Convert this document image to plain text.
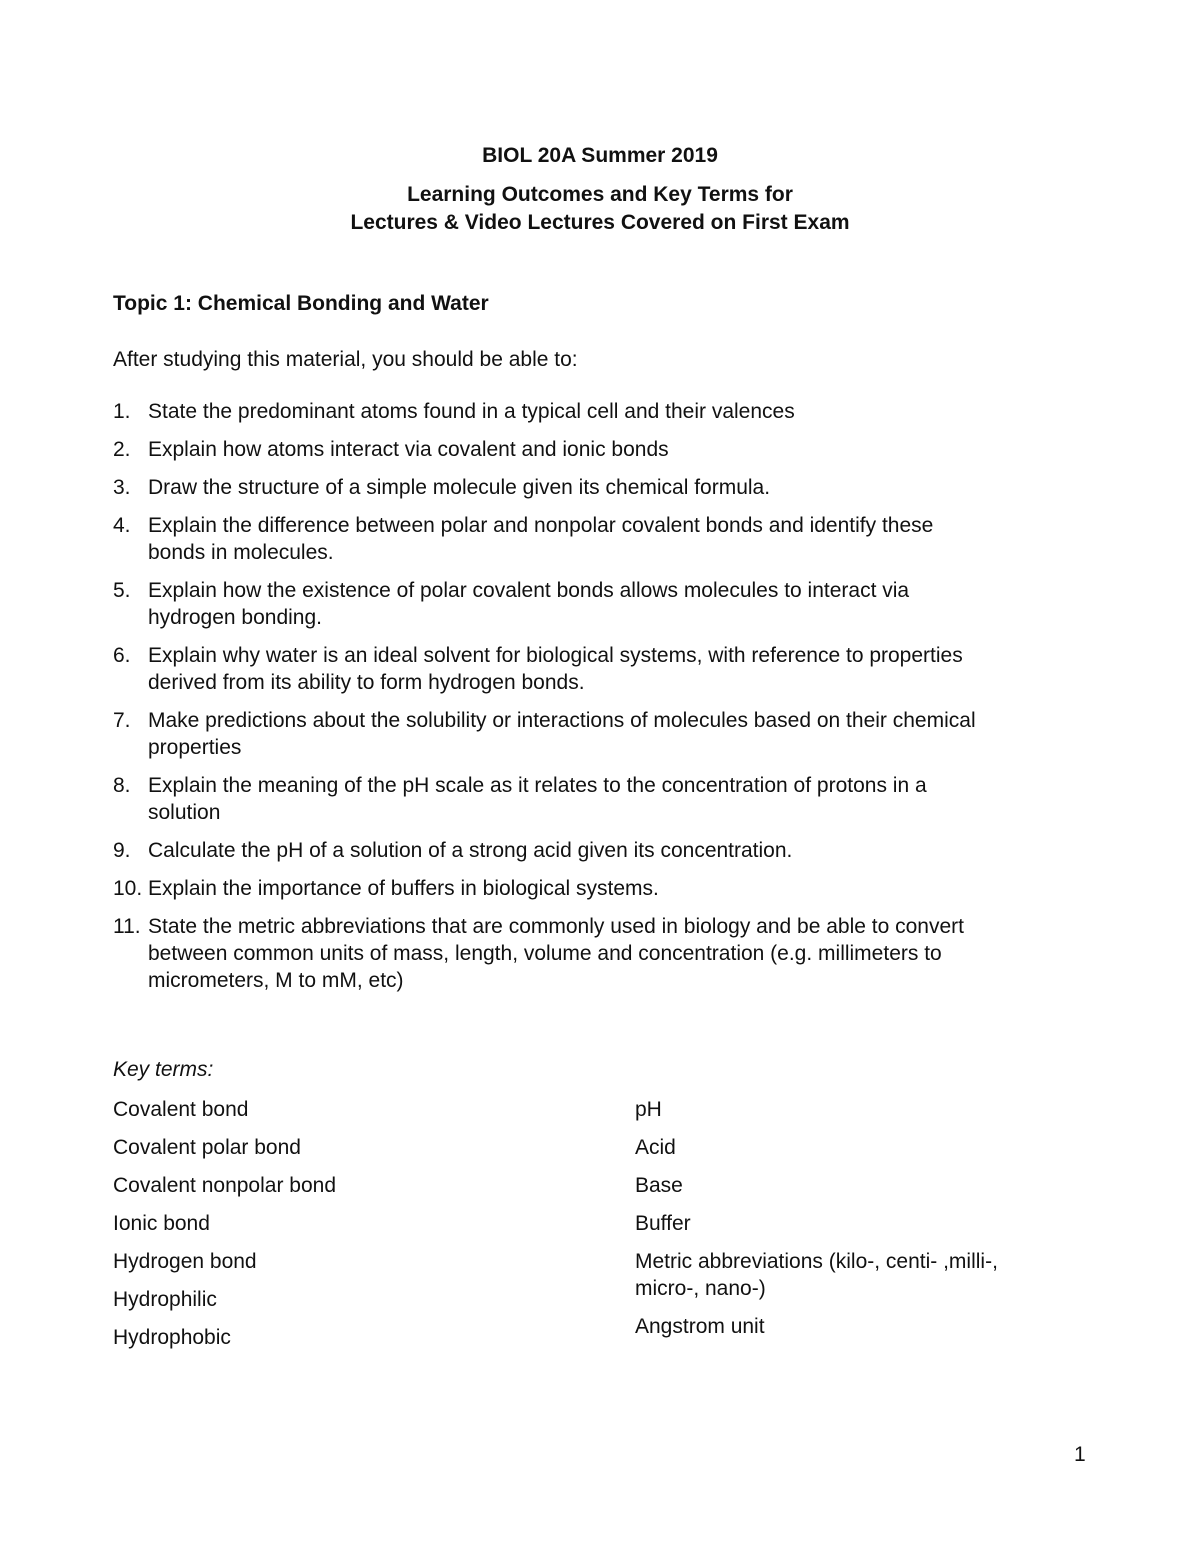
BIOL 20A Summer 2019
Learning Outcomes and Key Terms for
Lectures & Video Lectures Covered on First Exam
Topic 1: Chemical Bonding and Water
After studying this material, you should be able to:
1. State the predominant atoms found in a typical cell and their valences
2. Explain how atoms interact via covalent and ionic bonds
3. Draw the structure of a simple molecule given its chemical formula.
4. Explain the difference between polar and nonpolar covalent bonds and identify these
bonds in molecules.
5. Explain how the existence of polar covalent bonds allows molecules to interact via
hydrogen bonding.
6. Explain why water is an ideal solvent for biological systems, with reference to properties
derived from its ability to form hydrogen bonds.
7. Make predictions about the solubility or interactions of molecules based on their chemical
properties
8. Explain the meaning of the pH scale as it relates to the concentration of protons in a
solution
9. Calculate the pH of a solution of a strong acid given its concentration.
10. Explain the importance of buffers in biological systems.
11. State the metric abbreviations that are commonly used in biology and be able to convert
between common units of mass, length, volume and concentration (e.g. millimeters to
micrometers, M to mM, etc)
Key terms:
Covalent bond
Covalent polar bond
Covalent nonpolar bond
Ionic bond
Hydrogen bond
Hydrophilic
Hydrophobic
pH
Acid
Base
Buffer
Metric abbreviations (kilo-, centi- ,milli-,
micro-, nano-)
Angstrom unit
1
